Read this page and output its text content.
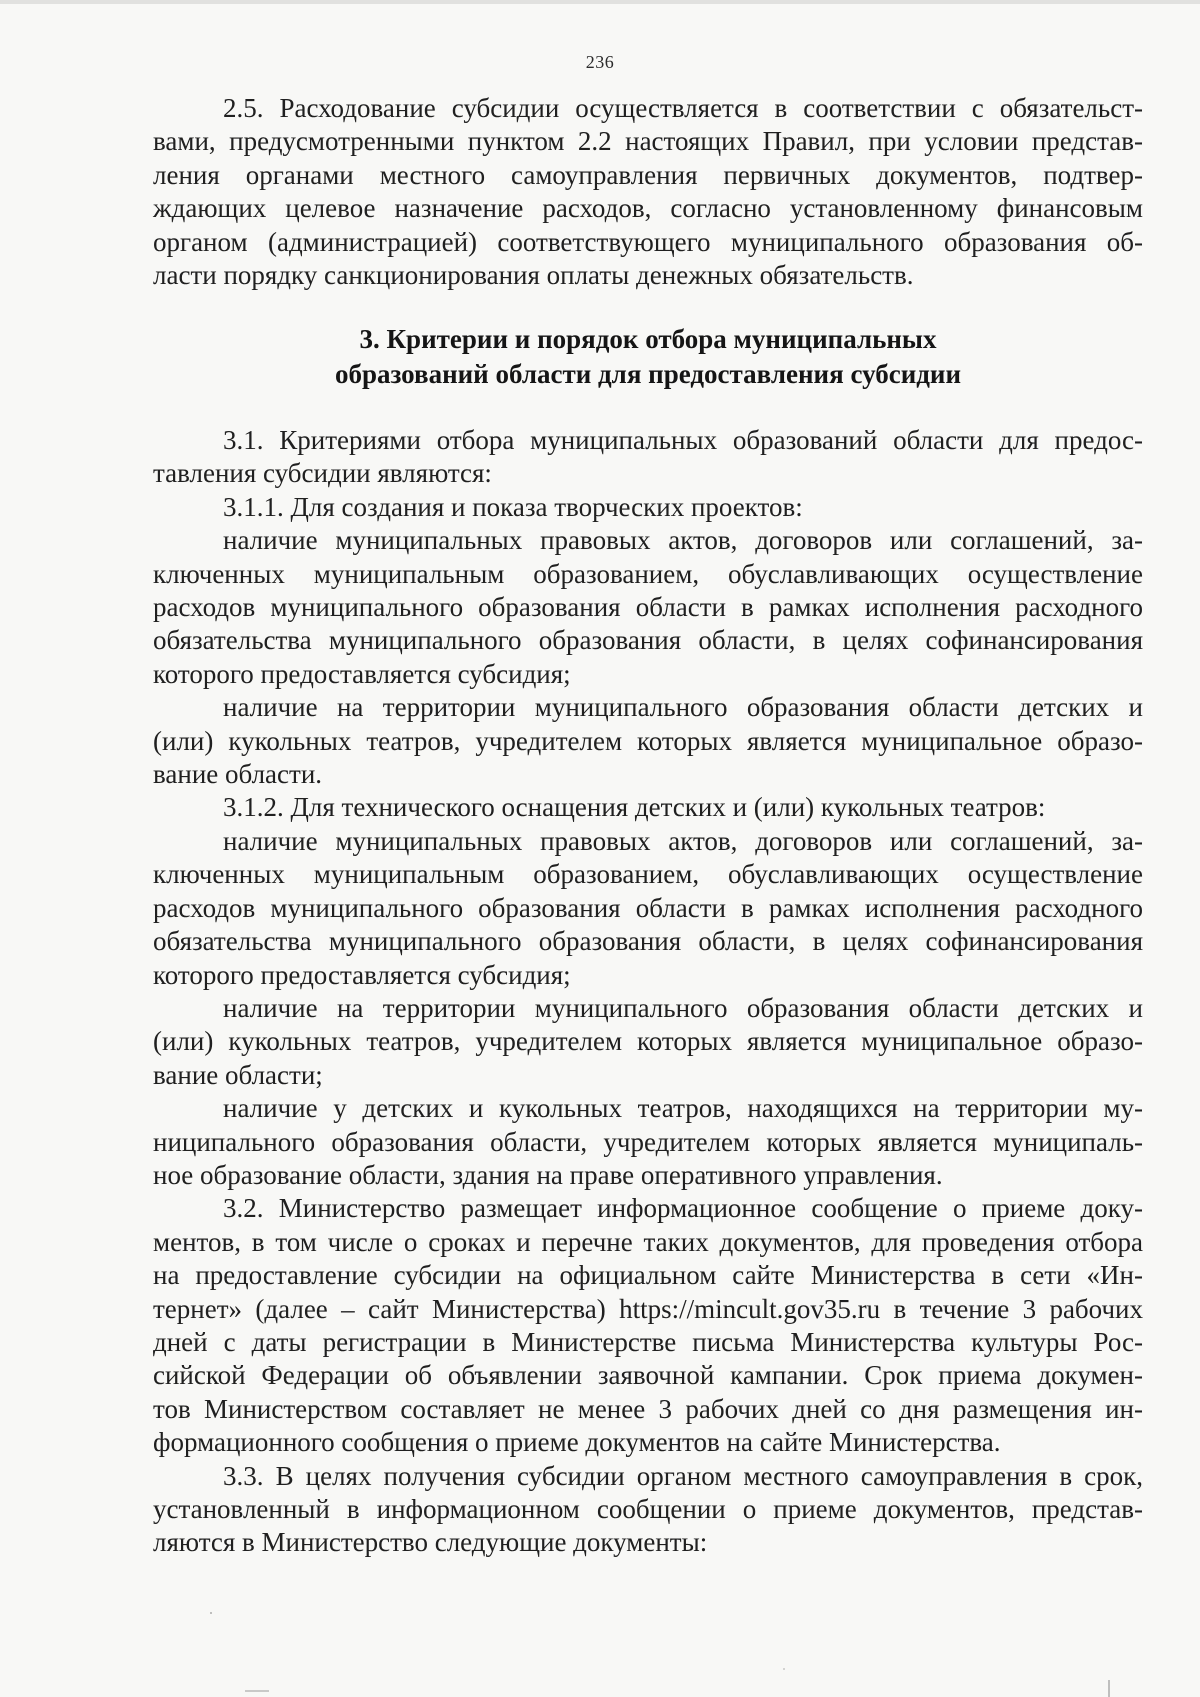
236

2.5. Расходование субсидии осуществляется в соответствии с обязательст-

вами, предусмотренными пунктом 2.2 настоящих Правил, при условии представ-

ления органами местного самоуправления первичных документов, подтвер-

ждающих целевое назначение расходов, согласно установленному финансовым

органом (администрацией) соответствующего муниципального образования об-

ласти порядку санкционирования оплаты денежных обязательств.

3. Критерии и порядок отбора муниципальных
образований области для предоставления субсидии

3.1. Критериями отбора муниципальных образований области для предос-

тавления субсидии являются:

3.1.1. Для создания и показа творческих проектов:

наличие муниципальных правовых актов, договоров или соглашений, за-

ключенных муниципальным образованием, обуславливающих осуществление

расходов муниципального образования области в рамках исполнения расходного

обязательства муниципального образования области, в целях софинансирования

которого предоставляется субсидия;

наличие на территории муниципального образования области детских и

(или) кукольных театров, учредителем которых является муниципальное образо-

вание области.

3.1.2. Для технического оснащения детских и (или) кукольных театров:

наличие муниципальных правовых актов, договоров или соглашений, за-

ключенных муниципальным образованием, обуславливающих осуществление

расходов муниципального образования области в рамках исполнения расходного

обязательства муниципального образования области, в целях софинансирования

которого предоставляется субсидия;

наличие на территории муниципального образования области детских и

(или) кукольных театров, учредителем которых является муниципальное образо-

вание области;

наличие у детских и кукольных театров, находящихся на территории му-

ниципального образования области, учредителем которых является муниципаль-

ное образование области, здания на праве оперативного управления.

3.2. Министерство размещает информационное сообщение о приеме доку-

ментов, в том числе о сроках и перечне таких документов, для проведения отбора

на предоставление субсидии на официальном сайте Министерства в сети «Ин-

тернет» (далее – сайт Министерства) https://mincult.gov35.ru в течение 3 рабочих

дней с даты регистрации в Министерстве письма Министерства культуры Рос-

сийской Федерации об объявлении заявочной кампании. Срок приема докумен-

тов Министерством составляет не менее 3 рабочих дней со дня размещения ин-

формационного сообщения о приеме документов на сайте Министерства.

3.3. В целях получения субсидии органом местного самоуправления в срок,

установленный в информационном сообщении о приеме документов, представ-

ляются в Министерство следующие документы:
